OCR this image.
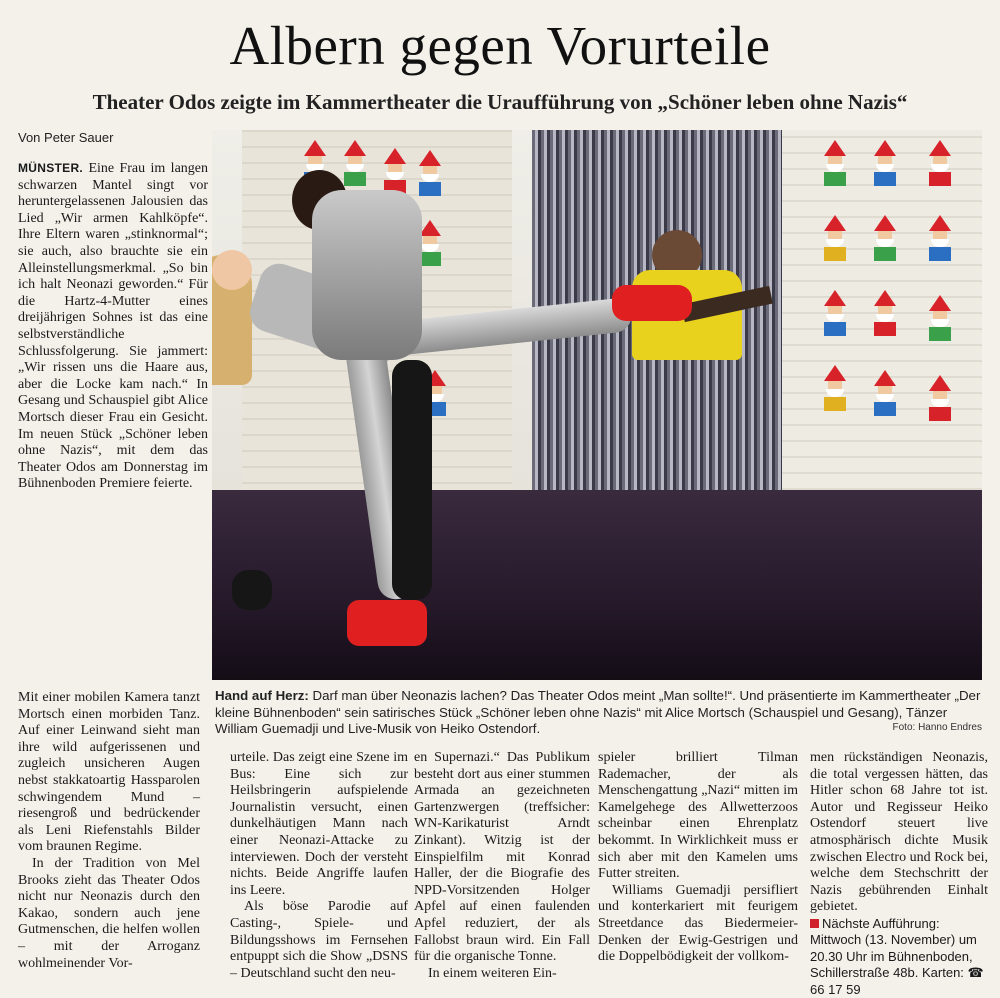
Albern gegen Vorurteile
Theater Odos zeigte im Kammertheater die Uraufführung von „Schöner leben ohne Nazis“
Von Peter Sauer

MÜNSTER. Eine Frau im langen schwarzen Mantel singt vor heruntergelassenen Jalousien das Lied „Wir armen Kahlköpfe“. Ihre Eltern waren „stinknormal“; sie auch, also brauchte sie ein Alleinstellungsmerkmal. „So bin ich halt Neonazi geworden.“ Für die Hartz-4-Mutter eines dreijährigen Sohnes ist das eine selbstverständliche Schlussfolgerung. Sie jammert: „Wir rissen uns die Haare aus, aber die Locke kam nach.“ In Gesang und Schauspiel gibt Alice Mortsch dieser Frau ein Gesicht. Im neuen Stück „Schöner leben ohne Nazis“, mit dem das Theater Odos am Donnerstag im Bühnenboden Premiere feierte.

Hand auf Herz: Darf man über Neonazis lachen? Das Theater Odos meint „Man sollte!“. Und präsentierte im Kammertheater „Der kleine Bühnenboden“ sein satirisches Stück „Schöner leben ohne Nazis“ mit Alice Mortsch (Schauspiel und Gesang), Tänzer William Guemadji und Live-Musik von Heiko Ostendorf.	Foto: Hanno Endres

Mit einer mobilen Kamera tanzt Mortsch einen morbiden Tanz. Auf einer Leinwand sieht man ihre wild aufgerissenen und zugleich unsicheren Augen nebst stakkatoartig Hassparolen schwingendem Mund – riesengroß und bedrückender als Leni Riefenstahls Bilder vom braunen Regime.

In der Tradition von Mel Brooks zieht das Theater Odos nicht nur Neonazis durch den Kakao, sondern auch jene Gutmenschen, die helfen wollen – mit der Arroganz wohlmeinender Vor-

urteile. Das zeigt eine Szene im Bus: Eine sich zur Heilsbringerin aufspielende Journalistin versucht, einen dunkelhäutigen Mann nach einer Neonazi-Attacke zu interviewen. Doch der versteht nichts. Beide Angriffe laufen ins Leere.

Als böse Parodie auf Casting-, Spiele- und Bildungsshows im Fernsehen entpuppt sich die Show „DSNS – Deutschland sucht den neu-

en Supernazi.“ Das Publikum besteht dort aus einer stummen Armada an gezeichneten Gartenzwergen (treffsicher: WN-Karikaturist Arndt Zinkant). Witzig ist der Einspielfilm mit Konrad Haller, der die Biografie des NPD-Vorsitzenden Holger Apfel auf einen faulenden Apfel reduziert, der als Fallobst braun wird. Ein Fall für die organische Tonne.

In einem weiteren Ein-

spieler brilliert Tilman Rademacher, der als Menschengattung „Nazi“ mitten im Kamelgehege des Allwetterzoos scheinbar einen Ehrenplatz bekommt. In Wirklichkeit muss er sich aber mit den Kamelen ums Futter streiten.

Williams Guemadji persifliert und konterkariert mit feurigem Streetdance das Biedermeier-Denken der Ewig-Gestrigen und die Doppelbödigkeit der vollkom-

men rückständigen Neonazis, die total vergessen hätten, das Hitler schon 68 Jahre tot ist. Autor und Regisseur Heiko Ostendorf steuert live atmosphärisch dichte Musik zwischen Electro und Rock bei, welche dem Stechschritt der Nazis gebührenden Einhalt gebietet.

Nächste Aufführung: Mittwoch (13. November) um 20.30 Uhr im Bühnenboden, Schillerstraße 48b. Karten: ☎ 66 17 59
